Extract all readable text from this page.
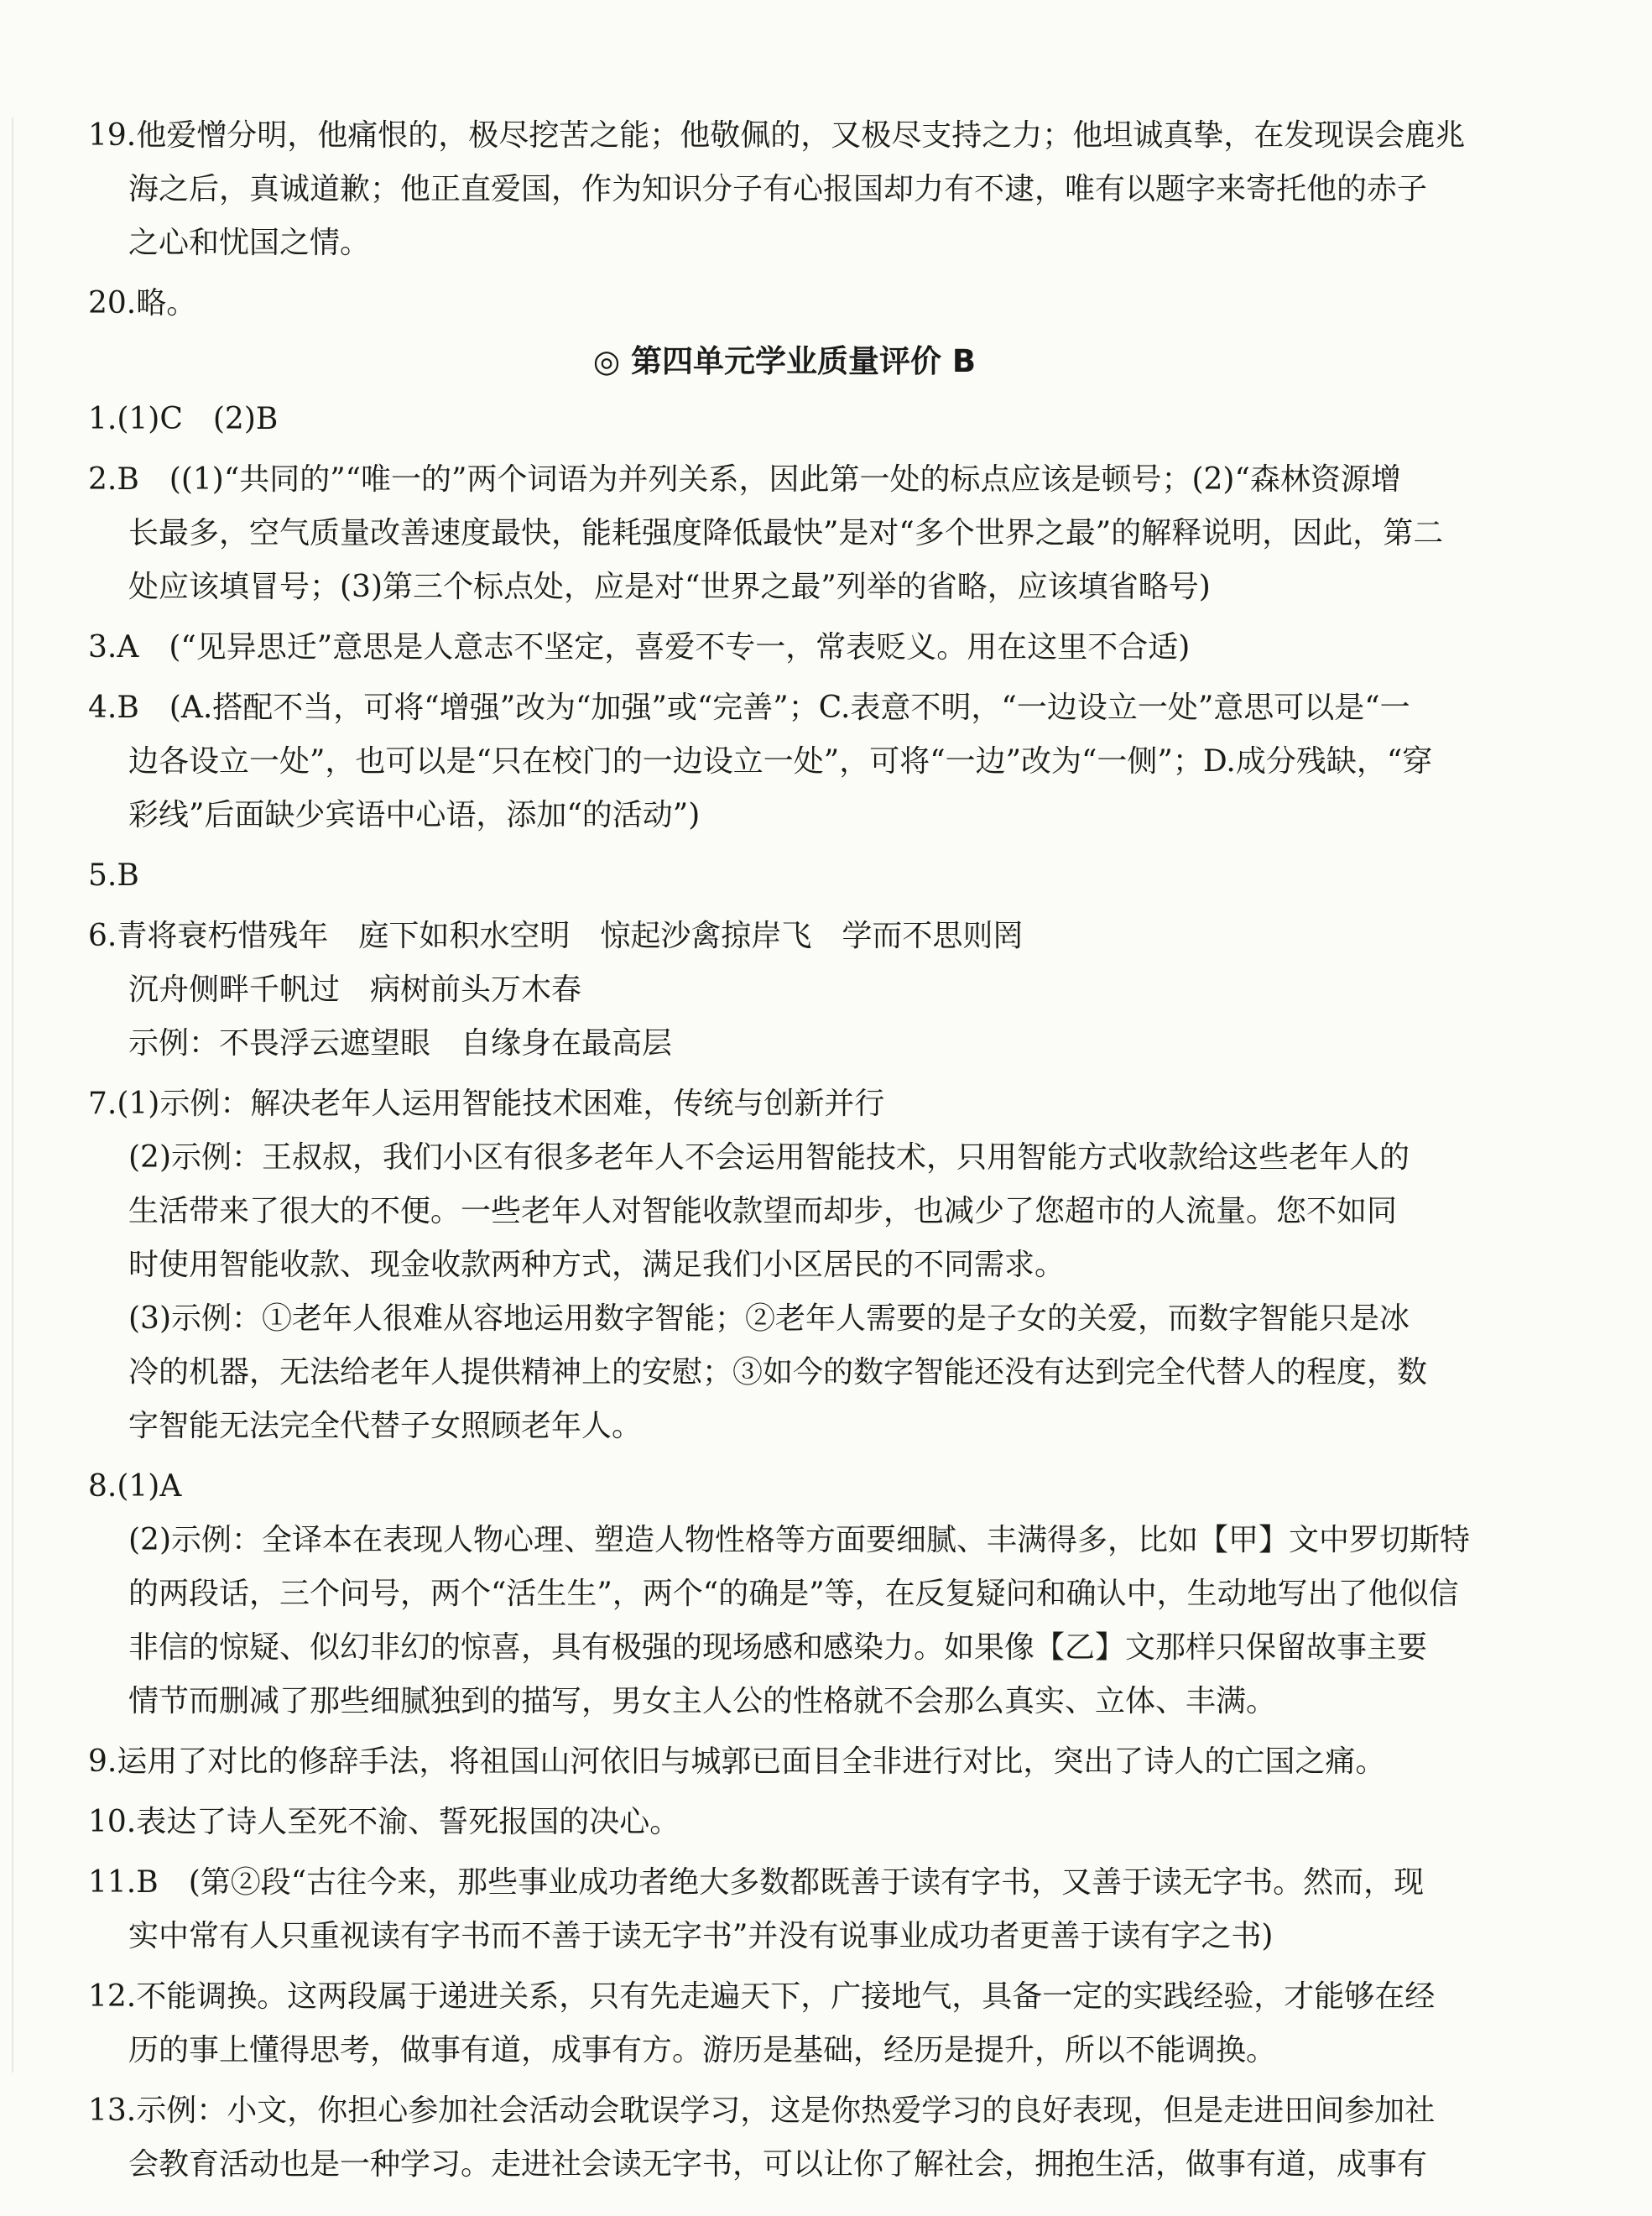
19.他爱憎分明，他痛恨的，极尽挖苦之能；他敬佩的，又极尽支持之力；他坦诚真挚，在发现误会鹿兆

海之后，真诚道歉；他正直爱国，作为知识分子有心报国却力有不逮，唯有以题字来寄托他的赤子

之心和忧国之情。

20.略。

◎ 第四单元学业质量评价 B

1.(1)C　(2)B

2.B　((1)“共同的”“唯一的”两个词语为并列关系，因此第一处的标点应该是顿号；(2)“森林资源增

长最多，空气质量改善速度最快，能耗强度降低最快”是对“多个世界之最”的解释说明，因此，第二

处应该填冒号；(3)第三个标点处，应是对“世界之最”列举的省略，应该填省略号)

3.A　(“见异思迁”意思是人意志不坚定，喜爱不专一，常表贬义。用在这里不合适)

4.B　(A.搭配不当，可将“增强”改为“加强”或“完善”；C.表意不明，“一边设立一处”意思可以是“一

边各设立一处”，也可以是“只在校门的一边设立一处”，可将“一边”改为“一侧”；D.成分残缺，“穿

彩线”后面缺少宾语中心语，添加“的活动”)

5.B

6.青将衰朽惜残年　庭下如积水空明　惊起沙禽掠岸飞　学而不思则罔

沉舟侧畔千帆过　病树前头万木春

示例：不畏浮云遮望眼　自缘身在最高层

7.(1)示例：解决老年人运用智能技术困难，传统与创新并行

(2)示例：王叔叔，我们小区有很多老年人不会运用智能技术，只用智能方式收款给这些老年人的

生活带来了很大的不便。一些老年人对智能收款望而却步，也减少了您超市的人流量。您不如同

时使用智能收款、现金收款两种方式，满足我们小区居民的不同需求。

(3)示例：①老年人很难从容地运用数字智能；②老年人需要的是子女的关爱，而数字智能只是冰

冷的机器，无法给老年人提供精神上的安慰；③如今的数字智能还没有达到完全代替人的程度，数

字智能无法完全代替子女照顾老年人。

8.(1)A

(2)示例：全译本在表现人物心理、塑造人物性格等方面要细腻、丰满得多，比如【甲】文中罗切斯特

的两段话，三个问号，两个“活生生”，两个“的确是”等，在反复疑问和确认中，生动地写出了他似信

非信的惊疑、似幻非幻的惊喜，具有极强的现场感和感染力。如果像【乙】文那样只保留故事主要

情节而删减了那些细腻独到的描写，男女主人公的性格就不会那么真实、立体、丰满。

9.运用了对比的修辞手法，将祖国山河依旧与城郭已面目全非进行对比，突出了诗人的亡国之痛。

10.表达了诗人至死不渝、誓死报国的决心。

11.B　(第②段“古往今来，那些事业成功者绝大多数都既善于读有字书，又善于读无字书。然而，现

实中常有人只重视读有字书而不善于读无字书”并没有说事业成功者更善于读有字之书)

12.不能调换。这两段属于递进关系，只有先走遍天下，广接地气，具备一定的实践经验，才能够在经

历的事上懂得思考，做事有道，成事有方。游历是基础，经历是提升，所以不能调换。

13.示例：小文，你担心参加社会活动会耽误学习，这是你热爱学习的良好表现，但是走进田间参加社

会教育活动也是一种学习。走进社会读无字书，可以让你了解社会，拥抱生活，做事有道，成事有
